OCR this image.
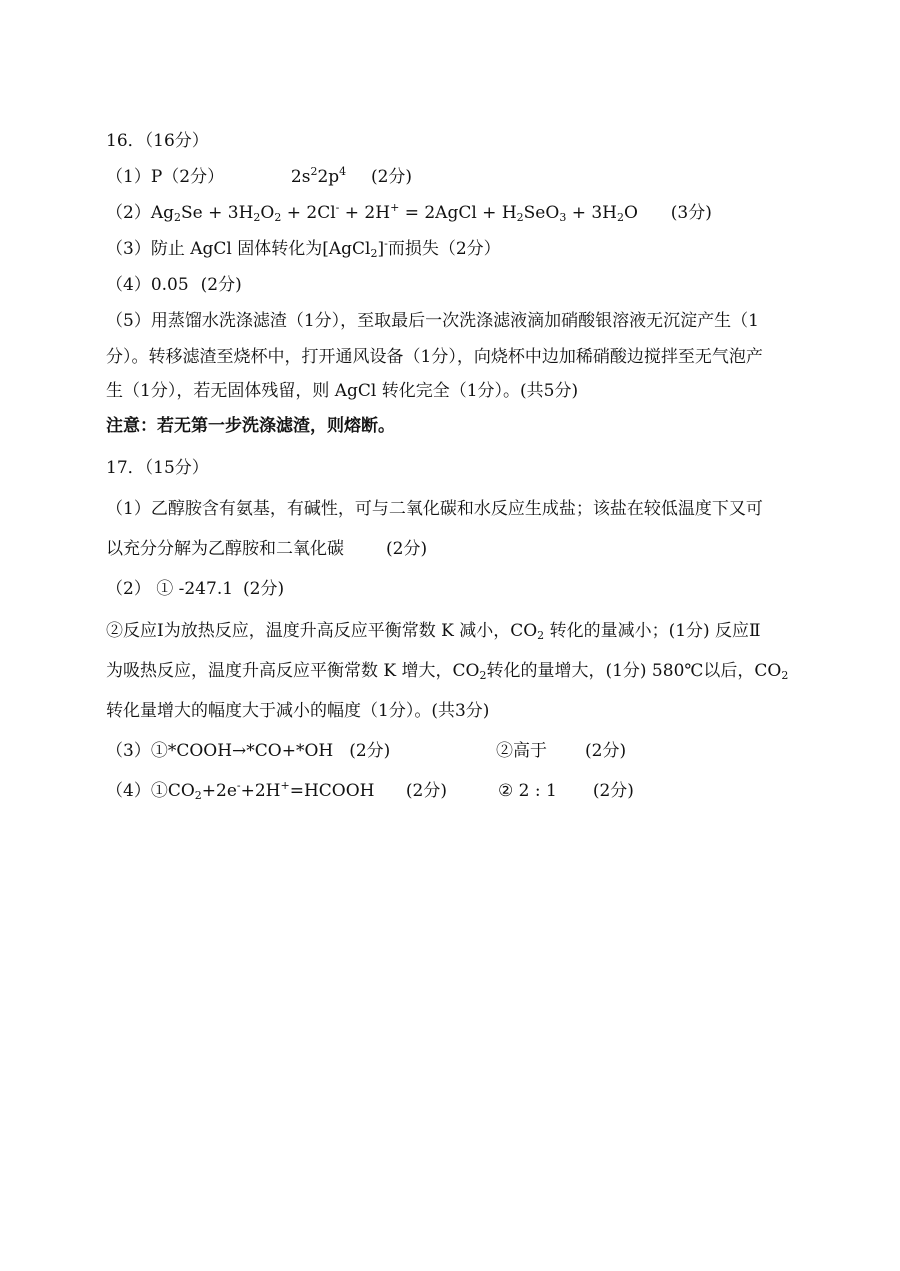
16．（16分）
（1）P（2分）	$2s^22p^4$ (2分)
$(2)Ag_2Se + 3H_2O_2 + 2Cl^- + 2H^+$ = 2AgCl + $H_2SeO_3 + 3H_2O$ (3分)
（3）防止 AgCl 固体转化为[AgCl$_2$]-而损失（2分）
（4）0.05 (2分)
（5）用蒸馏水洗涤滤渣（1分），至取最后一次洗涤滤液滴加硝酸银溶液无沉淀产生（1
分）。转移滤渣至烧杯中，打开通风设备（1分），向烧杯中边加稀硝酸边搅拌至无气泡产
生（1分），若无固体残留，则 AgCl 转化完全（1分）。(共5分)
注意：若无第一步洗涤滤渣，则熔断。
17．（15分）
（1）乙醇胺含有氨基，有碱性，可与二氧化碳和水反应生成盐；该盐在较低温度下又可
以充分分解为乙醇胺和二氧化碳 (2分)
（2） ① -247.1 (2分)
②反应Ⅰ为放热反应，温度升高反应平衡常数 K 减小，$CO_2$ 转化的量减小；(1分) 反应Ⅱ
为吸热反应，温度升高反应平衡常数 K 增大，$CO_2$转化的量增大，(1分) 580℃以后，$CO_2$
转化量增大的幅度大于减小的幅度（1分）。(共3分)
（3）①*COOH→*CO+*OH (2分)	②高于 (2分)
$(4)①CO_2+2e^-+2H^+=HCOOH$ (2分)	② 2 : 1 (2分)
